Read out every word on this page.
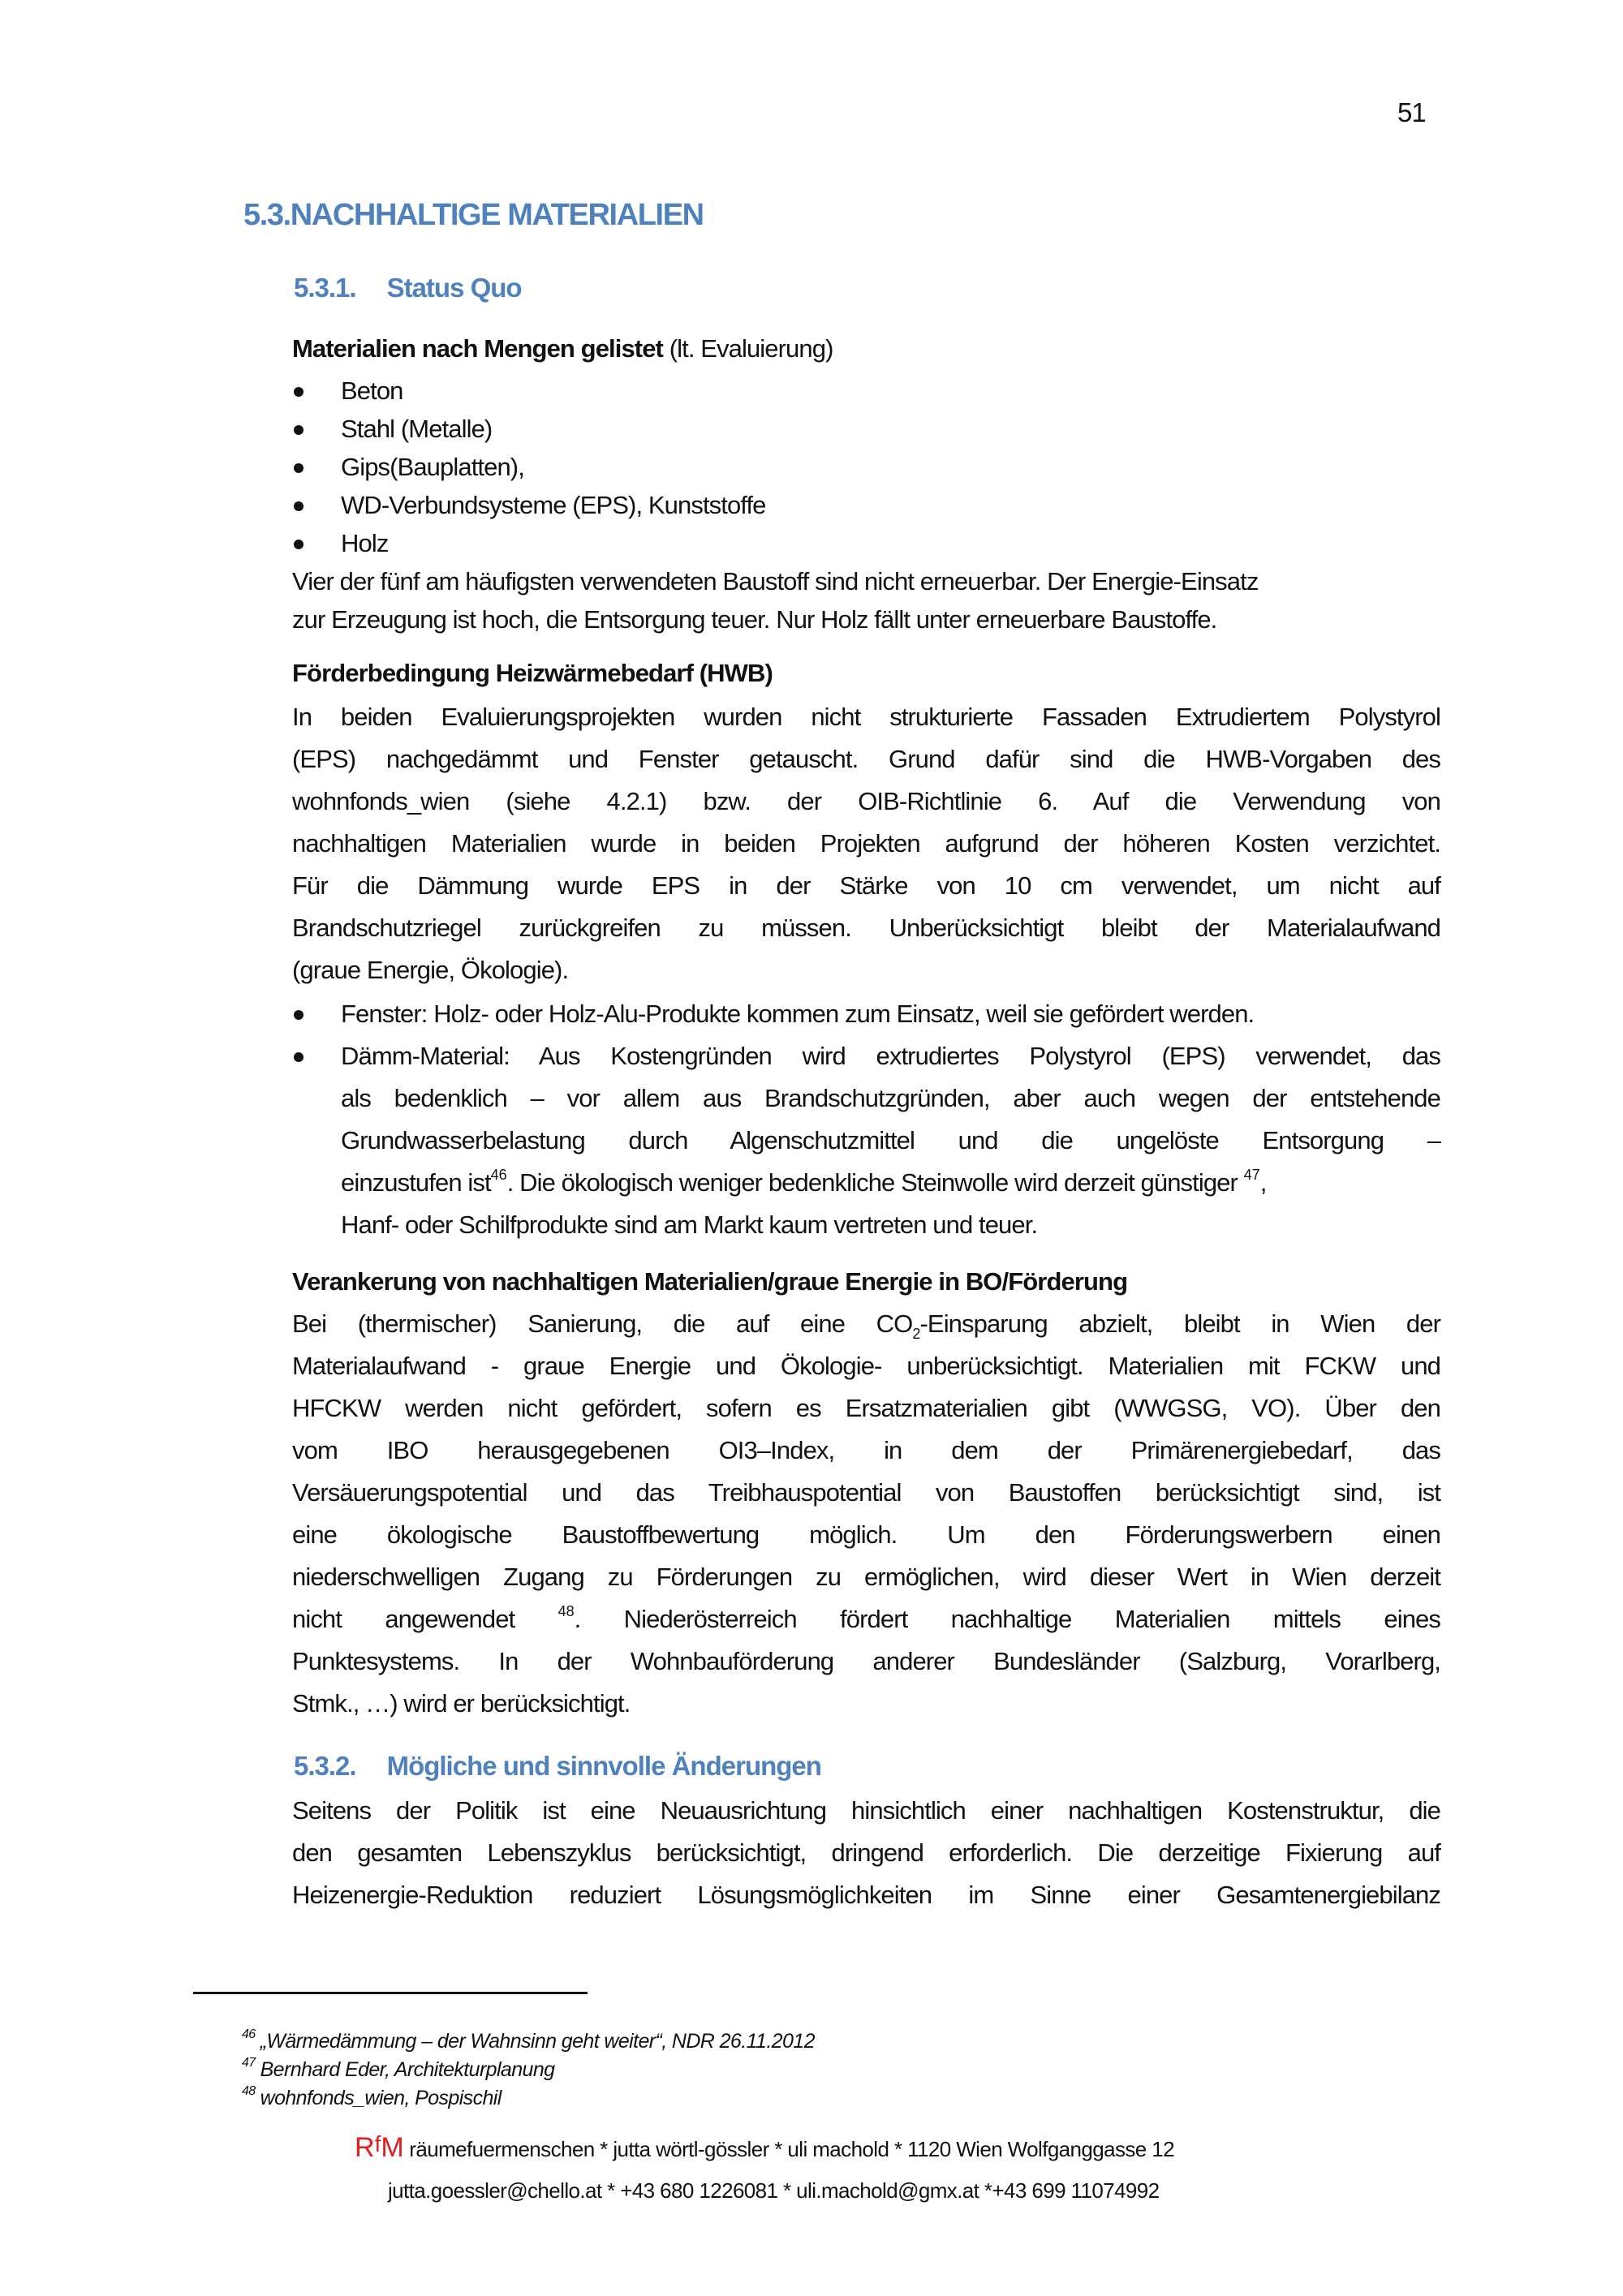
51
5.3.NACHHALTIGE MATERIALIEN
5.3.1. Status Quo
Materialien nach Mengen gelistet (lt. Evaluierung)
Beton
Stahl (Metalle)
Gips(Bauplatten),
WD-Verbundsysteme (EPS), Kunststoffe
Holz
Vier der fünf am häufigsten verwendeten Baustoff sind nicht erneuerbar. Der Energie-Einsatz
zur Erzeugung ist hoch, die Entsorgung teuer. Nur Holz fällt unter erneuerbare Baustoffe.
Förderbedingung Heizwärmebedarf (HWB)
In beiden Evaluierungsprojekten wurden nicht strukturierte Fassaden Extrudiertem Polystyrol
(EPS) nachgedämmt und Fenster getauscht. Grund dafür sind die HWB-Vorgaben des
wohnfonds_wien (siehe 4.2.1) bzw. der OIB-Richtlinie 6. Auf die Verwendung von
nachhaltigen Materialien wurde in beiden Projekten aufgrund der höheren Kosten verzichtet.
Für die Dämmung wurde EPS in der Stärke von 10 cm verwendet, um nicht auf
Brandschutzriegel zurückgreifen zu müssen. Unberücksichtigt bleibt der Materialaufwand
(graue Energie, Ökologie).
Fenster: Holz- oder Holz-Alu-Produkte kommen zum Einsatz, weil sie gefördert werden.
Dämm-Material: Aus Kostengründen wird extrudiertes Polystyrol (EPS) verwendet, das
als bedenklich – vor allem aus Brandschutzgründen, aber auch wegen der entstehende
Grundwasserbelastung durch Algenschutzmittel und die ungelöste Entsorgung –
einzustufen ist$^{46}$. Die ökologisch weniger bedenkliche Steinwolle wird derzeit günstiger $^{47}$,
Hanf- oder Schilfprodukte sind am Markt kaum vertreten und teuer.
Verankerung von nachhaltigen Materialien/graue Energie in BO/Förderung
Bei (thermischer) Sanierung, die auf eine $CO_2$-Einsparung abzielt, bleibt in Wien der
Materialaufwand - graue Energie und Ökologie- unberücksichtigt. Materialien mit FCKW und
HFCKW werden nicht gefördert, sofern es Ersatzmaterialien gibt (WWGSG, VO). Über den
vom IBO herausgegebenen OI3–Index, in dem der Primärenergiebedarf, das
Versäuerungspotential und das Treibhauspotential von Baustoffen berücksichtigt sind, ist
eine ökologische Baustoffbewertung möglich. Um den Förderungswerbern einen
niederschwelligen Zugang zu Förderungen zu ermöglichen, wird dieser Wert in Wien derzeit
nicht angewendet	$^{48}$. Niederösterreich fördert nachhaltige Materialien mittels eines
Punktesystems. In der Wohnbauförderung anderer Bundesländer (Salzburg, Vorarlberg,
Stmk., …) wird er berücksichtigt.
5.3.2. Mögliche und sinnvolle Änderungen
Seitens der Politik ist eine Neuausrichtung hinsichtlich einer nachhaltigen Kostenstruktur, die
den gesamten Lebenszyklus berücksichtigt, dringend erforderlich. Die derzeitige Fixierung auf
Heizenergie-Reduktion reduziert Lösungsmöglichkeiten im Sinne einer Gesamtenergiebilanz
$^{46}$ „Wärmedämmung – der Wahnsinn geht weiter“, NDR 26.11.2012
$^{47}$ Bernhard Eder, Architekturplanung
$^{48}$ wohnfonds_wien, Pospischil
RfM räumefuermenschen * jutta wörtl-gössler * uli machold * 1120 Wien Wolfganggasse 12
jutta.goessler@chello.at * +43 680 1226081 * uli.machold@gmx.at *+43 699 11074992
